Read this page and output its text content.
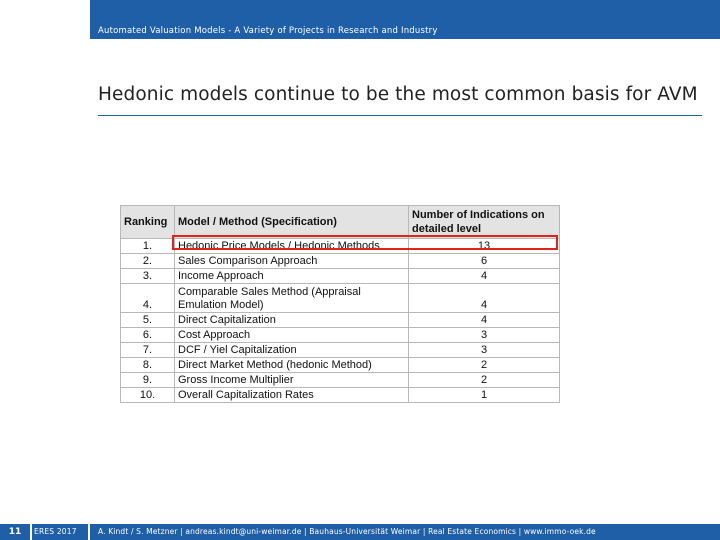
Automated Valuation Models - A Variety of Projects in Research and Industry
Hedonic models continue to be the most common basis for AVM
Ranking	Model / Method (Specification)	Number of Indications on detailed level
1.	Hedonic Price Models / Hedonic Methods	13
2.	Sales Comparison Approach	6
3.	Income Approach	4
4.	Comparable Sales Method (Appraisal Emulation Model)	4
5.	Direct Capitalization	4
6.	Cost Approach	3
7.	DCF / Yiel Capitalization	3
8.	Direct Market Method (hedonic Method)	2
9.	Gross Income Multiplier	2
10.	Overall Capitalization Rates	1
11	ERES 2017	A. Kindt / S. Metzner | andreas.kindt@uni-weimar.de | Bauhaus-Universität Weimar | Real Estate Economics | www.immo-oek.de
